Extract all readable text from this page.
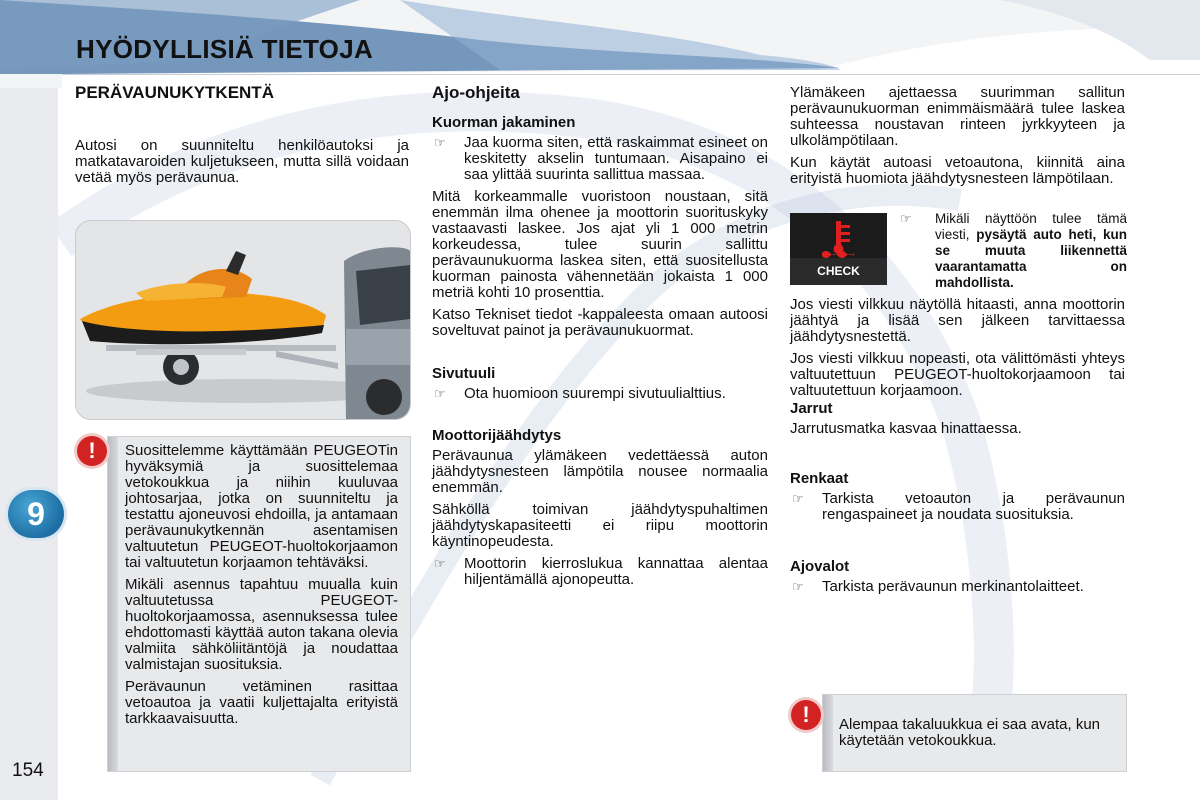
HYÖDYLLISIÄ TIETOJA
9
154
PERÄVAUNUKYTKENTÄ

Autosi on suunniteltu henkilöautoksi ja matkatavaroiden kuljetukseen, mutta sillä voidaan vetää myös perävaunua.

Suosittelemme käyttämään PEUGEOTin hyväksymiä ja suosittelemaa vetokoukkua ja niihin kuuluvaa johtosarjaa, jotka on suunniteltu ja testattu ajoneuvosi ehdoilla, ja antamaan perävaunukytkennän asentamisen valtuutetun PEUGEOT-huoltokorjaamon tai valtuutetun korjaamon tehtäväksi.

Mikäli asennus tapahtuu muualla kuin valtuutetussa PEUGEOT-huoltokorjaamossa, asennuksessa tulee ehdottomasti käyttää auton takana olevia valmiita sähköliitäntöjä ja noudattaa valmistajan suosituksia.

Perävaunun vetäminen rasittaa vetoautoa ja vaatii kuljettajalta erityistä tarkkaavaisuutta.

!
Ajo-ohjeita
Kuorman jakaminen
☞	Jaa kuorma siten, että raskaimmat esineet on keskitetty akselin tuntumaan. Aisapaino ei saa ylittää suurinta sallittua massaa.

Mitä korkeammalle vuoristoon noustaan, sitä enemmän ilma ohenee ja moottorin suorituskyky vastaavasti laskee. Jos ajat yli 1 000 metrin korkeudessa, tulee suurin sallittu perävaunukuorma laskea siten, että suositellusta kuorman painosta vähennetään jokaista 1 000 metriä kohti 10 prosenttia.

Katso Tekniset tiedot -kappaleesta omaan autoosi soveltuvat painot ja perävaunukuormat.

Sivutuuli
☞	Ota huomioon suurempi sivutuulialttius.
Moottorijäähdytys

Perävaunua ylämäkeen vedettäessä auton jäähdytysnesteen lämpötila nousee normaalia enemmän.

Sähköllä toimivan jäähdytyspuhaltimen jäähdytyskapasiteetti ei riipu moottorin käyntinopeudesta.

☞	Moottorin kierroslukua kannattaa alentaa hiljentämällä ajonopeutta.

Ylämäkeen ajettaessa suurimman sallitun perävaunukuorman enimmäismäärä tulee laskea suhteessa noustavan rinteen jyrkkyyteen ja ulkolämpötilaan.

Kun käytät autoasi vetoautona, kiinnitä aina erityistä huomiota jäähdytysnesteen lämpötilaan.

CHECK
☞ Mikäli näyttöön tulee tämä viesti, pysäytä auto heti, kun se muuta liikennettä vaarantamatta on mahdollista.

Jos viesti vilkkuu näytöllä hitaasti, anna moottorin jäähtyä ja lisää sen jälkeen tarvittaessa jäähdytysnestettä.

Jos viesti vilkkuu nopeasti, ota välittömästi yhteys valtuutettuun PEUGEOT-huoltokorjaamoon tai valtuutettuun korjaamoon.

Jarrut

Jarrutusmatka kasvaa hinattaessa.

Renkaat
☞	Tarkista vetoauton ja perävaunun rengaspaineet ja noudata suosituksia.
Ajovalot
☞	Tarkista perävaunun merkinantolaitteet.
Alempaa takaluukkua ei saa avata, kun käytetään vetokoukkua.
!
